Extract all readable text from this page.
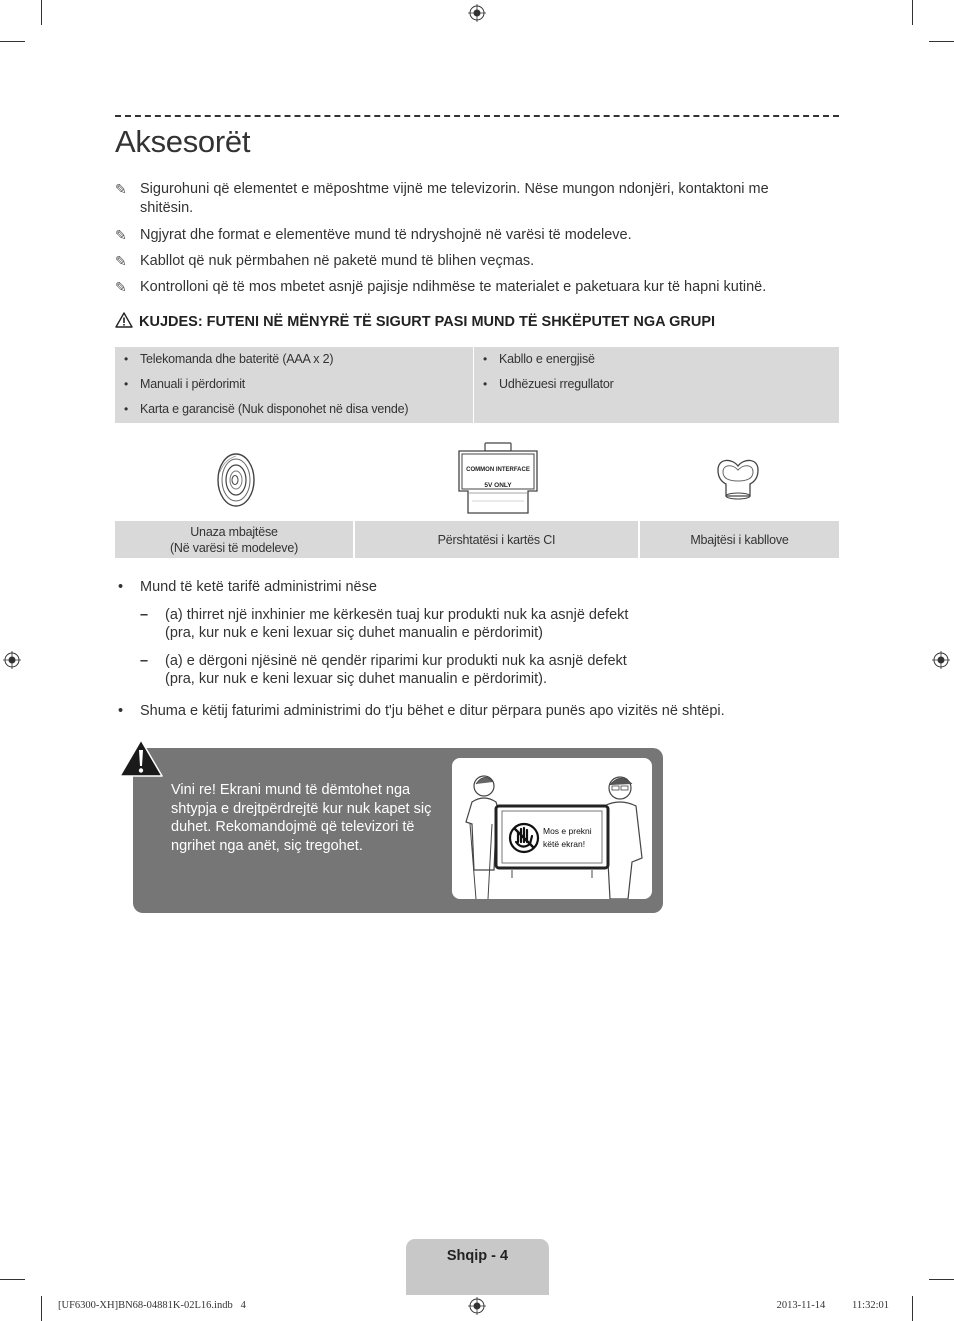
Aksesorët
✎ Sigurohuni që elementet e mëposhtme vijnë me televizorin. Nëse mungon ndonjëri, kontaktoni me shitësin.
✎ Ngjyrat dhe format e elementëve mund të ndryshojnë në varësi të modeleve.
✎ Kabllot që nuk përmbahen në paketë mund të blihen veçmas.
✎ Kontrolloni që të mos mbetet asnjë pajisje ndihmëse te materialet e paketuara kur të hapni kutinë.
KUJDES: FUTENI NË MËNYRË TË SIGURT PASI MUND TË SHKËPUTET NGA GRUPI
• Telekomanda dhe bateritë (AAA x 2)
• Manuali i përdorimit
• Karta e garancisë (Nuk disponohet në disa vende)
• Kabllo e energjisë
• Udhëzuesi rregullator
COMMON INTERFACE
5V ONLY
Unaza mbajtëse
(Në varësi të modeleve)
Përshtatësi i kartës CI	Mbajtësi i kabllove
• Mund të ketë tarifë administrimi nëse
– (a) thirret një inxhinier me kërkesën tuaj kur produkti nuk ka asnjë defekt
(pra, kur nuk e keni lexuar siç duhet manualin e përdorimit)
– (a) e dërgoni njësinë në qendër riparimi kur produkti nuk ka asnjë defekt
(pra, kur nuk e keni lexuar siç duhet manualin e përdorimit).
• Shuma e këtij faturimi administrimi do t'ju bëhet e ditur përpara punës apo vizitës në shtëpi.
Vini re! Ekrani mund të dëmtohet nga shtypja e drejtpërdrejtë kur nuk kapet siç duhet. Rekomandojmë që televizori të ngrihet nga anët, siç tregohet.
Mos e prekni
këtë ekran!
Shqip - 4
[UF6300-XH]BN68-04881K-02L16.indb   4	2013-11-14   ￿￿ 11:32:01
